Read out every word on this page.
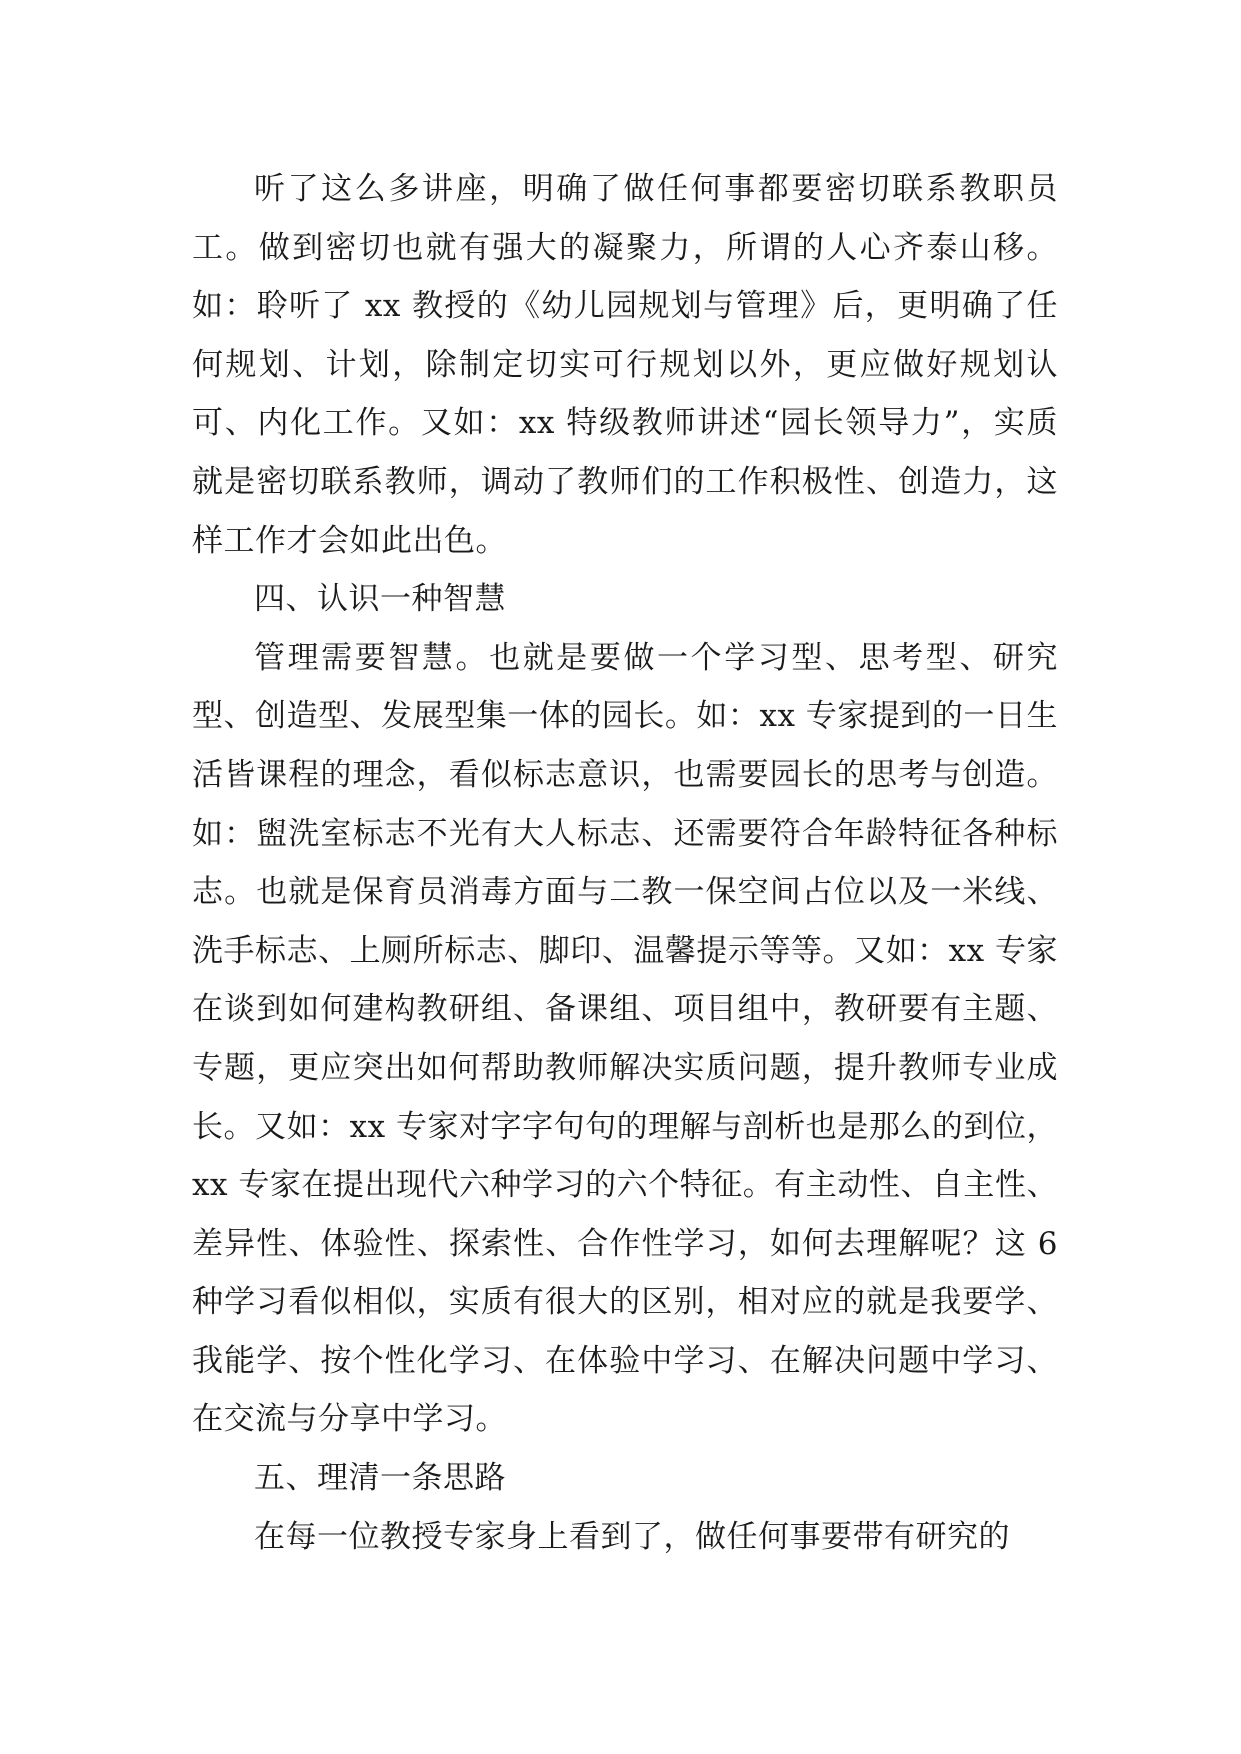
听了这么多讲座，明确了做任何事都要密切联系教职员工。做到密切也就有强大的凝聚力，所谓的人心齐泰山移。如：聆听了 xx 教授的《幼儿园规划与管理》后，更明确了任何规划、计划，除制定切实可行规划以外，更应做好规划认可、内化工作。又如：xx 特级教师讲述“园长领导力”，实质就是密切联系教师，调动了教师们的工作积极性、创造力，这样工作才会如此出色。

四、认识一种智慧

管理需要智慧。也就是要做一个学习型、思考型、研究型、创造型、发展型集一体的园长。如：xx 专家提到的一日生活皆课程的理念，看似标志意识，也需要园长的思考与创造。如：盥洗室标志不光有大人标志、还需要符合年龄特征各种标志。也就是保育员消毒方面与二教一保空间占位以及一米线、洗手标志、上厕所标志、脚印、温馨提示等等。又如：xx 专家在谈到如何建构教研组、备课组、项目组中，教研要有主题、专题，更应突出如何帮助教师解决实质问题，提升教师专业成长。又如：xx 专家对字字句句的理解与剖析也是那么的到位，xx 专家在提出现代六种学习的六个特征。有主动性、自主性、差异性、体验性、探索性、合作性学习，如何去理解呢？这 6 种学习看似相似，实质有很大的区别，相对应的就是我要学、我能学、按个性化学习、在体验中学习、在解决问题中学习、在交流与分享中学习。

五、理清一条思路

在每一位教授专家身上看到了，做任何事要带有研究的
